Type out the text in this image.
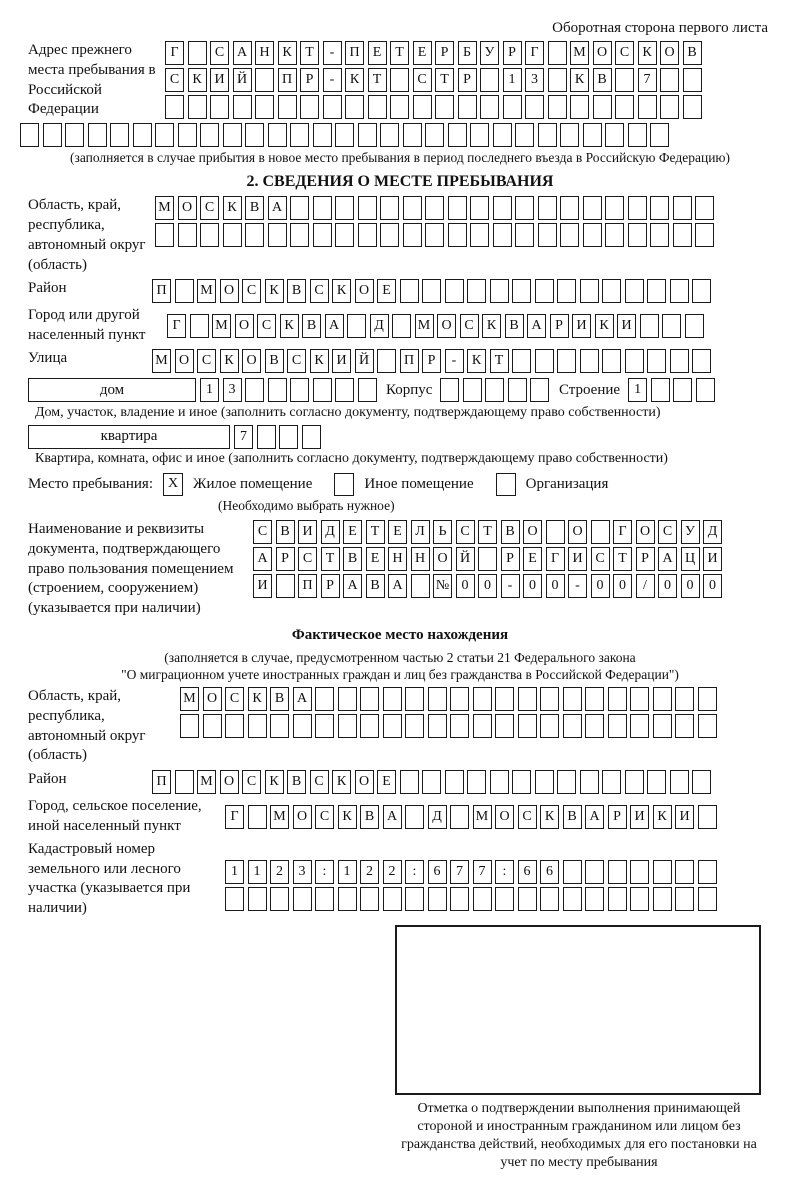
Оборотная сторона первого листа
Адрес прежнего места пребывания в Российской Федерации
Г	С А Н К Т	-	П Е Т Е	Р	Б У Р	Г	М О С К О В
С К И Й	П Р	-	К Т	С Т	Р	1	3	К В	7
(заполняется в случае прибытия в новое место пребывания в период последнего въезда в Российскую Федерацию)
2. СВЕДЕНИЯ О МЕСТЕ ПРЕБЫВАНИЯ
Область, край, республика, автономный округ (область)
М О С К В А
Район	П	М О С К В С К О Е
Город или другой населенный пункт
Г	М О С К В А	Д	М О С К В А Р И К И
Улица	М О С К О В С К И Й	П Р	-	К Т
дом	1	3	Корпус	Строение	1
Дом, участок, владение и иное (заполнить согласно документу, подтверждающему право собственности)
квартира	7
Квартира, комната, офис и иное (заполнить согласно документу, подтверждающему право собственности)
Место пребывания:	X Жилое помещение	Иное помещение	Организация
(Необходимо выбрать нужное)
Наименование и реквизиты документа, подтверждающего право пользования помещением (строением, сооружением) (указывается при наличии)
С В И Д Е Т Е Л Ь С Т В О	О	Г О С У Д
А Р С Т В Е Н Н О Й	Р	Е	Г И С Т	Р А Ц И
И	П Р А В А	№ 0	0	-	0	0	-	0	0	/	0	0	0
Фактическое место нахождения
(заполняется в случае, предусмотренном частью 2 статьи 21 Федерального закона
"О миграционном учете иностранных граждан и лиц без гражданства в Российской Федерации")
Область, край, республика, автономный округ (область)
М О С К В А
Район	П	М О С К В С К О Е
Город, сельское поселение, иной населенный пункт
Г	М О С К В А	Д	М О С К В А Р И К И
Кадастровый номер земельного или лесного участка (указывается при наличии)
1	1	2	3	:	1	2	2	:	6	7	7	:	6	6
Отметка о подтверждении выполнения принимающей стороной и иностранным гражданином или лицом без гражданства действий, необходимых для его постановки на учет по месту пребывания
